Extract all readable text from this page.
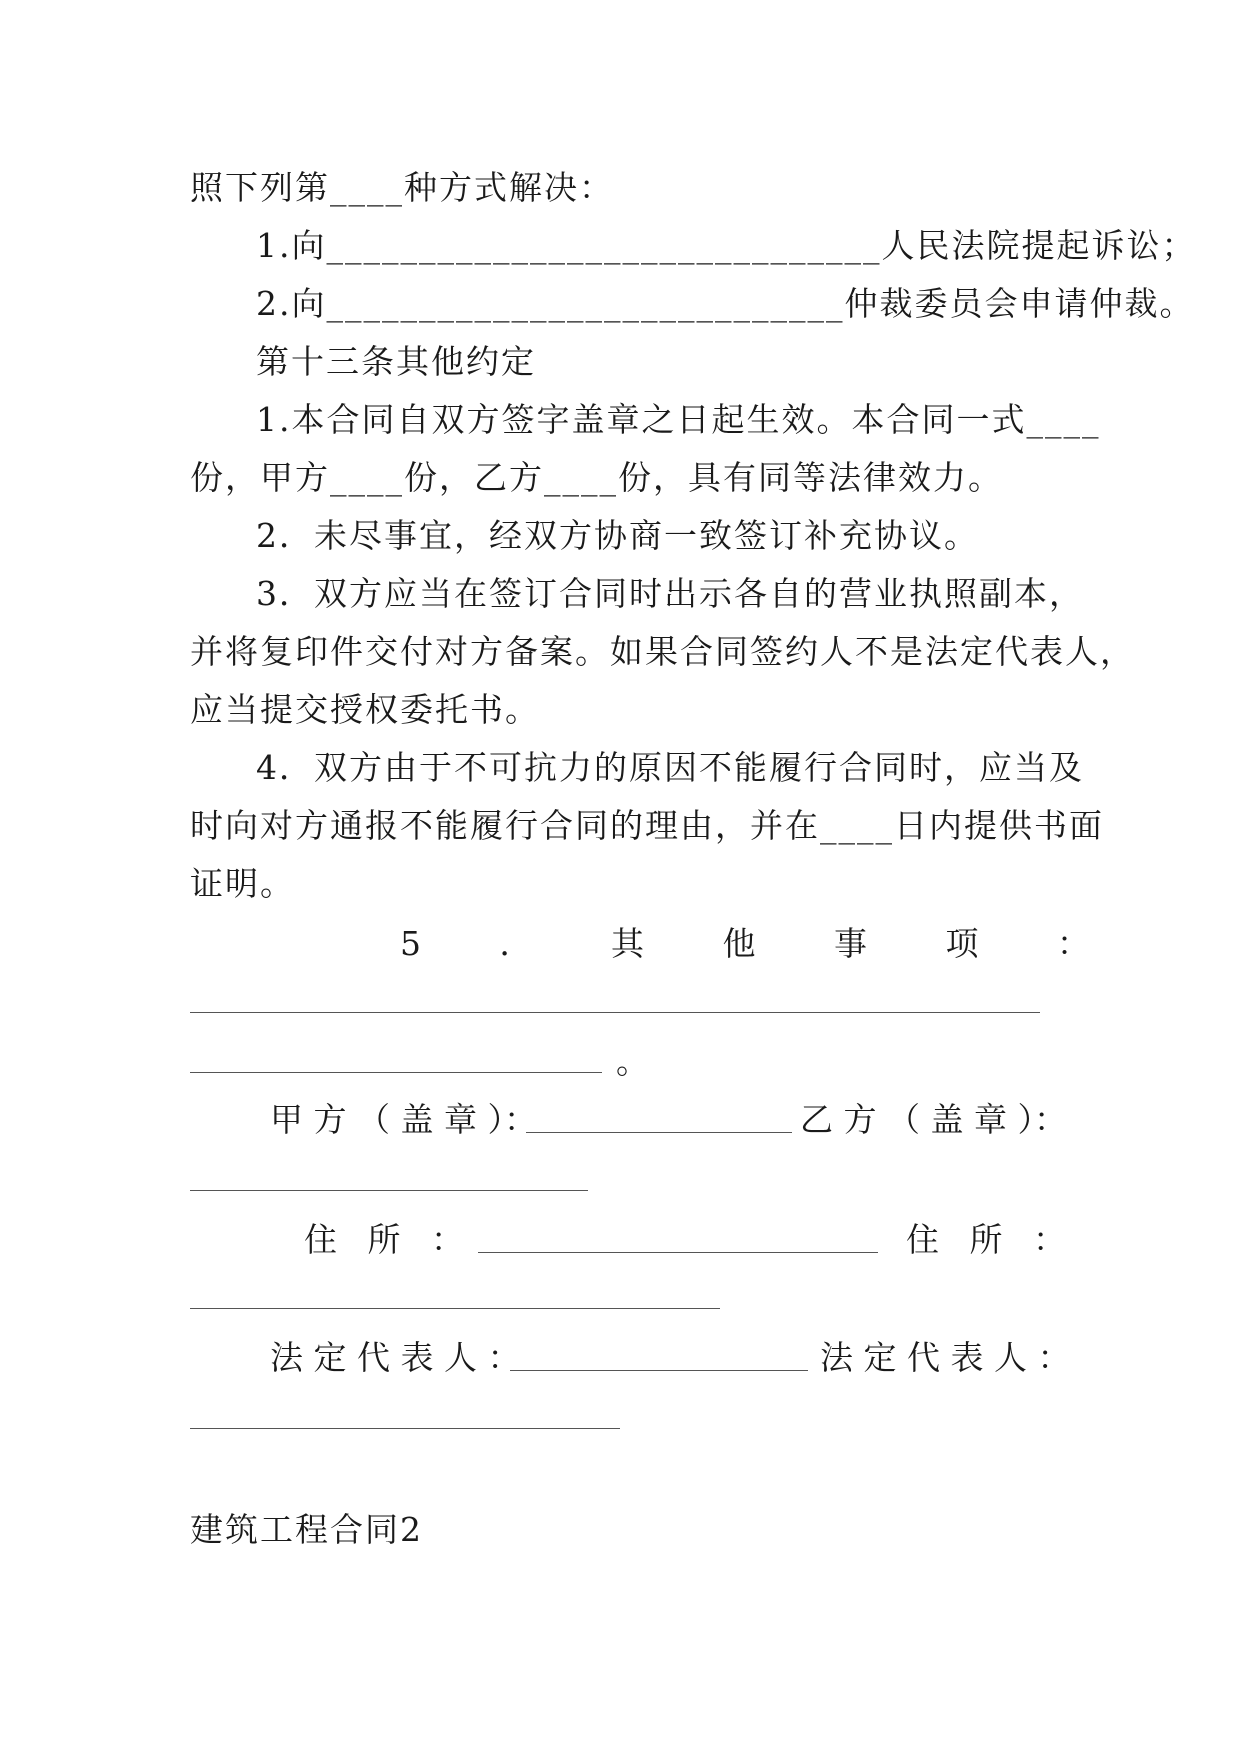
照下列第____种方式解决：
1.向______________________________人民法院提起诉讼；
2.向____________________________仲裁委员会申请仲裁。
第十三条其他约定
1.本合同自双方签字盖章之日起生效。本合同一式____
份，甲方____份，乙方____份，具有同等法律效力。
2．未尽事宜，经双方协商一致签订补充协议。
3．双方应当在签订合同时出示各自的营业执照副本，
并将复印件交付对方备案。如果合同签约人不是法定代表人，
应当提交授权委托书。
4．双方由于不可抗力的原因不能履行合同时，应当及
时向对方通报不能履行合同的理由，并在____日内提供书面
证明。
5 ． 其 他 事 项 ：
。
甲 方 （ 盖 章 ）：	乙 方 （ 盖 章 ）：
住 所 ：	住 所 ：
法 定 代 表 人 ：	法 定 代 表 人 ：
建筑工程合同2
